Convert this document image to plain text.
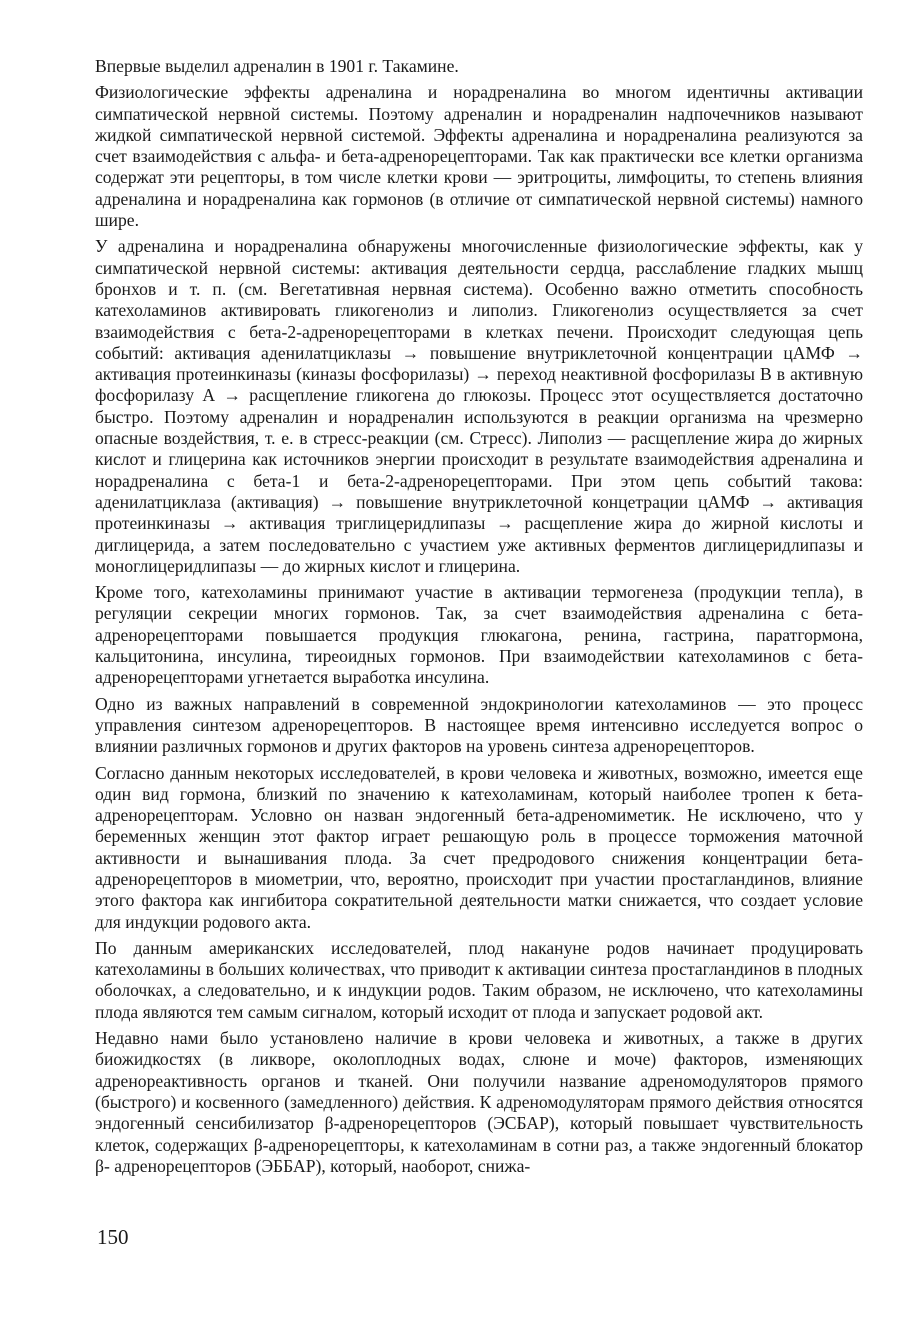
Впервые выделил адреналин в 1901 г. Такамине.

Физиологические эффекты адреналина и норадреналина во многом идентичны активации симпатической нервной системы. Поэтому адреналин и норадреналин надпочечников называют жидкой симпатической нервной системой. Эффекты адреналина и норадреналина реализуются за счет взаимодействия с альфа- и бета-адренорецепторами. Так как практически все клетки организма содержат эти рецепторы, в том числе клетки крови — эритроциты, лимфоциты, то степень влияния адреналина и норадреналина как гормонов (в отличие от симпатической нервной системы) намного шире.

У адреналина и норадреналина обнаружены многочисленные физиологические эффекты, как у симпатической нервной системы: активация деятельности сердца, расслабление гладких мышц бронхов и т. п. (см. Вегетативная нервная система). Особенно важно отметить способность катехоламинов активировать гликогенолиз и липолиз. Гликогенолиз осуществляется за счет взаимодействия с бета-2-адренорецепторами в клетках печени. Происходит следующая цепь событий: активация аденилатциклазы → повышение внутриклеточной концентрации цАМФ → активация протеинкиназы (киназы фосфорилазы) → переход неактивной фосфорилазы В в активную фосфорилазу А → расщепление гликогена до глюкозы. Процесс этот осуществляется достаточно быстро. Поэтому адреналин и норадреналин используются в реакции организма на чрезмерно опасные воздействия, т. е. в стресс-реакции (см. Стресс). Липолиз — расщепление жира до жирных кислот и глицерина как источников энергии происходит в результате взаимодействия адреналина и норадреналина с бета-1 и бета-2-адренорецепторами. При этом цепь событий такова: аденилатциклаза (активация) → повышение внутриклеточной концетрации цАМФ → активация протеинкиназы → активация триглицеридлипазы → расщепление жира до жирной кислоты и диглицерида, а затем последовательно с участием уже активных ферментов диглицеридлипазы и моноглицеридлипазы — до жирных кислот и глицерина.

Кроме того, катехоламины принимают участие в активации термогенеза (продукции тепла), в регуляции секреции многих гормонов. Так, за счет взаимодействия адреналина с бета-адренорецепторами повышается продукция глюкагона, ренина, гастрина, паратгормона, кальцитонина, инсулина, тиреоидных гормонов. При взаимодействии катехоламинов с бета-адренорецепторами угнетается выработка инсулина.

Одно из важных направлений в современной эндокринологии катехоламинов — это процесс управления синтезом адренорецепторов. В настоящее время интенсивно исследуется вопрос о влиянии различных гормонов и других факторов на уровень синтеза адренорецепторов.

Согласно данным некоторых исследователей, в крови человека и животных, возможно, имеется еще один вид гормона, близкий по значению к катехоламинам, который наиболее тропен к бета-адренорецепторам. Условно он назван эндогенный бета-адреномиметик. Не исключено, что у беременных женщин этот фактор играет решающую роль в процессе торможения маточной активности и вынашивания плода. За счет предродового снижения концентрации бета-адренорецепторов в миометрии, что, вероятно, происходит при участии простагландинов, влияние этого фактора как ингибитора сократительной деятельности матки снижается, что создает условие для индукции родового акта.

По данным американских исследователей, плод накануне родов начинает продуцировать катехоламины в больших количествах, что приводит к активации синтеза простагландинов в плодных оболочках, а следовательно, и к индукции родов. Таким образом, не исключено, что катехоламины плода являются тем самым сигналом, который исходит от плода и запускает родовой акт.

Недавно нами было установлено наличие в крови человека и животных, а также в других биожидкостях (в ликворе, околоплодных водах, слюне и моче) факторов, изменяющих адренореактивность органов и тканей. Они получили название адреномодуляторов прямого (быстрого) и косвенного (замедленного) действия. К адреномодуляторам прямого действия относятся эндогенный сенсибилизатор β-адренорецепторов (ЭСБАР), который повышает чувствительность клеток, содержащих β-адренорецепторы, к катехоламинам в сотни раз, а также эндогенный блокатор β- адренорецепторов (ЭББАР), который, наоборот, снижа-

150
